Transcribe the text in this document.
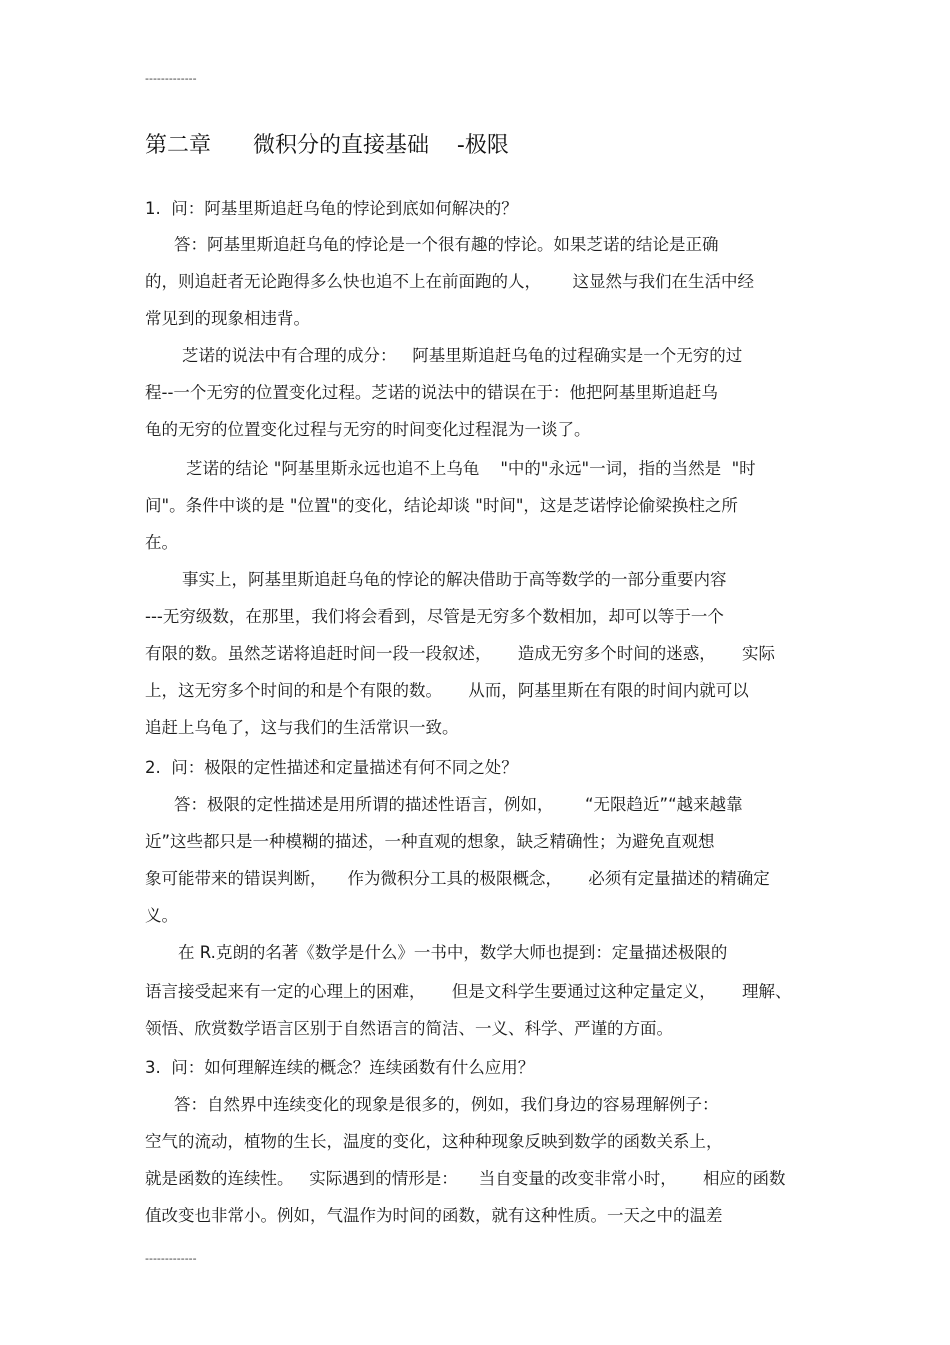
-------------
第二章      微积分的直接基础    -极限
1.  问：阿基里斯追赶乌龟的悖论到底如何解决的？
答：阿基里斯追赶乌龟的悖论是一个很有趣的悖论。如果芝诺的结论是正确
的，则追赶者无论跑得多么快也追不上在前面跑的人，      这显然与我们在生活中经
常见到的现象相违背。
芝诺的说法中有合理的成分：   阿基里斯追赶乌龟的过程确实是一个无穷的过
程--一个无穷的位置变化过程。芝诺的说法中的错误在于：他把阿基里斯追赶乌
龟的无穷的位置变化过程与无穷的时间变化过程混为一谈了。
芝诺的结论 "阿基里斯永远也追不上乌龟    "中的"永远"一词，指的当然是  "时
间"。条件中谈的是 "位置"的变化，结论却谈 "时间"，这是芝诺悖论偷梁换柱之所
在。
事实上，阿基里斯追赶乌龟的悖论的解决借助于高等数学的一部分重要内容
---无穷级数，在那里，我们将会看到，尽管是无穷多个数相加，却可以等于一个
有限的数。虽然芝诺将追赶时间一段一段叙述，     造成无穷多个时间的迷惑，     实际
上，这无穷多个时间的和是个有限的数。     从而，阿基里斯在有限的时间内就可以
追赶上乌龟了，这与我们的生活常识一致。
2.  问：极限的定性描述和定量描述有何不同之处？
答：极限的定性描述是用所谓的描述性语言，例如，      “无限趋近”“越来越靠
近”这些都只是一种模糊的描述，一种直观的想象，缺乏精确性；为避免直观想
象可能带来的错误判断，    作为微积分工具的极限概念，     必须有定量描述的精确定
义。
在 R.克朗的名著《数学是什么》一书中，数学大师也提到：定量描述极限的
语言接受起来有一定的心理上的困难，     但是文科学生要通过这种定量定义，     理解、
领悟、欣赏数学语言区别于自然语言的简洁、一义、科学、严谨的方面。
3.  问：如何理解连续的概念？连续函数有什么应用？
答：自然界中连续变化的现象是很多的，例如，我们身边的容易理解例子：
空气的流动，植物的生长，温度的变化，这种种现象反映到数学的函数关系上，
就是函数的连续性。   实际遇到的情形是：    当自变量的改变非常小时，     相应的函数
值改变也非常小。例如，气温作为时间的函数，就有这种性质。一天之中的温差
-------------
